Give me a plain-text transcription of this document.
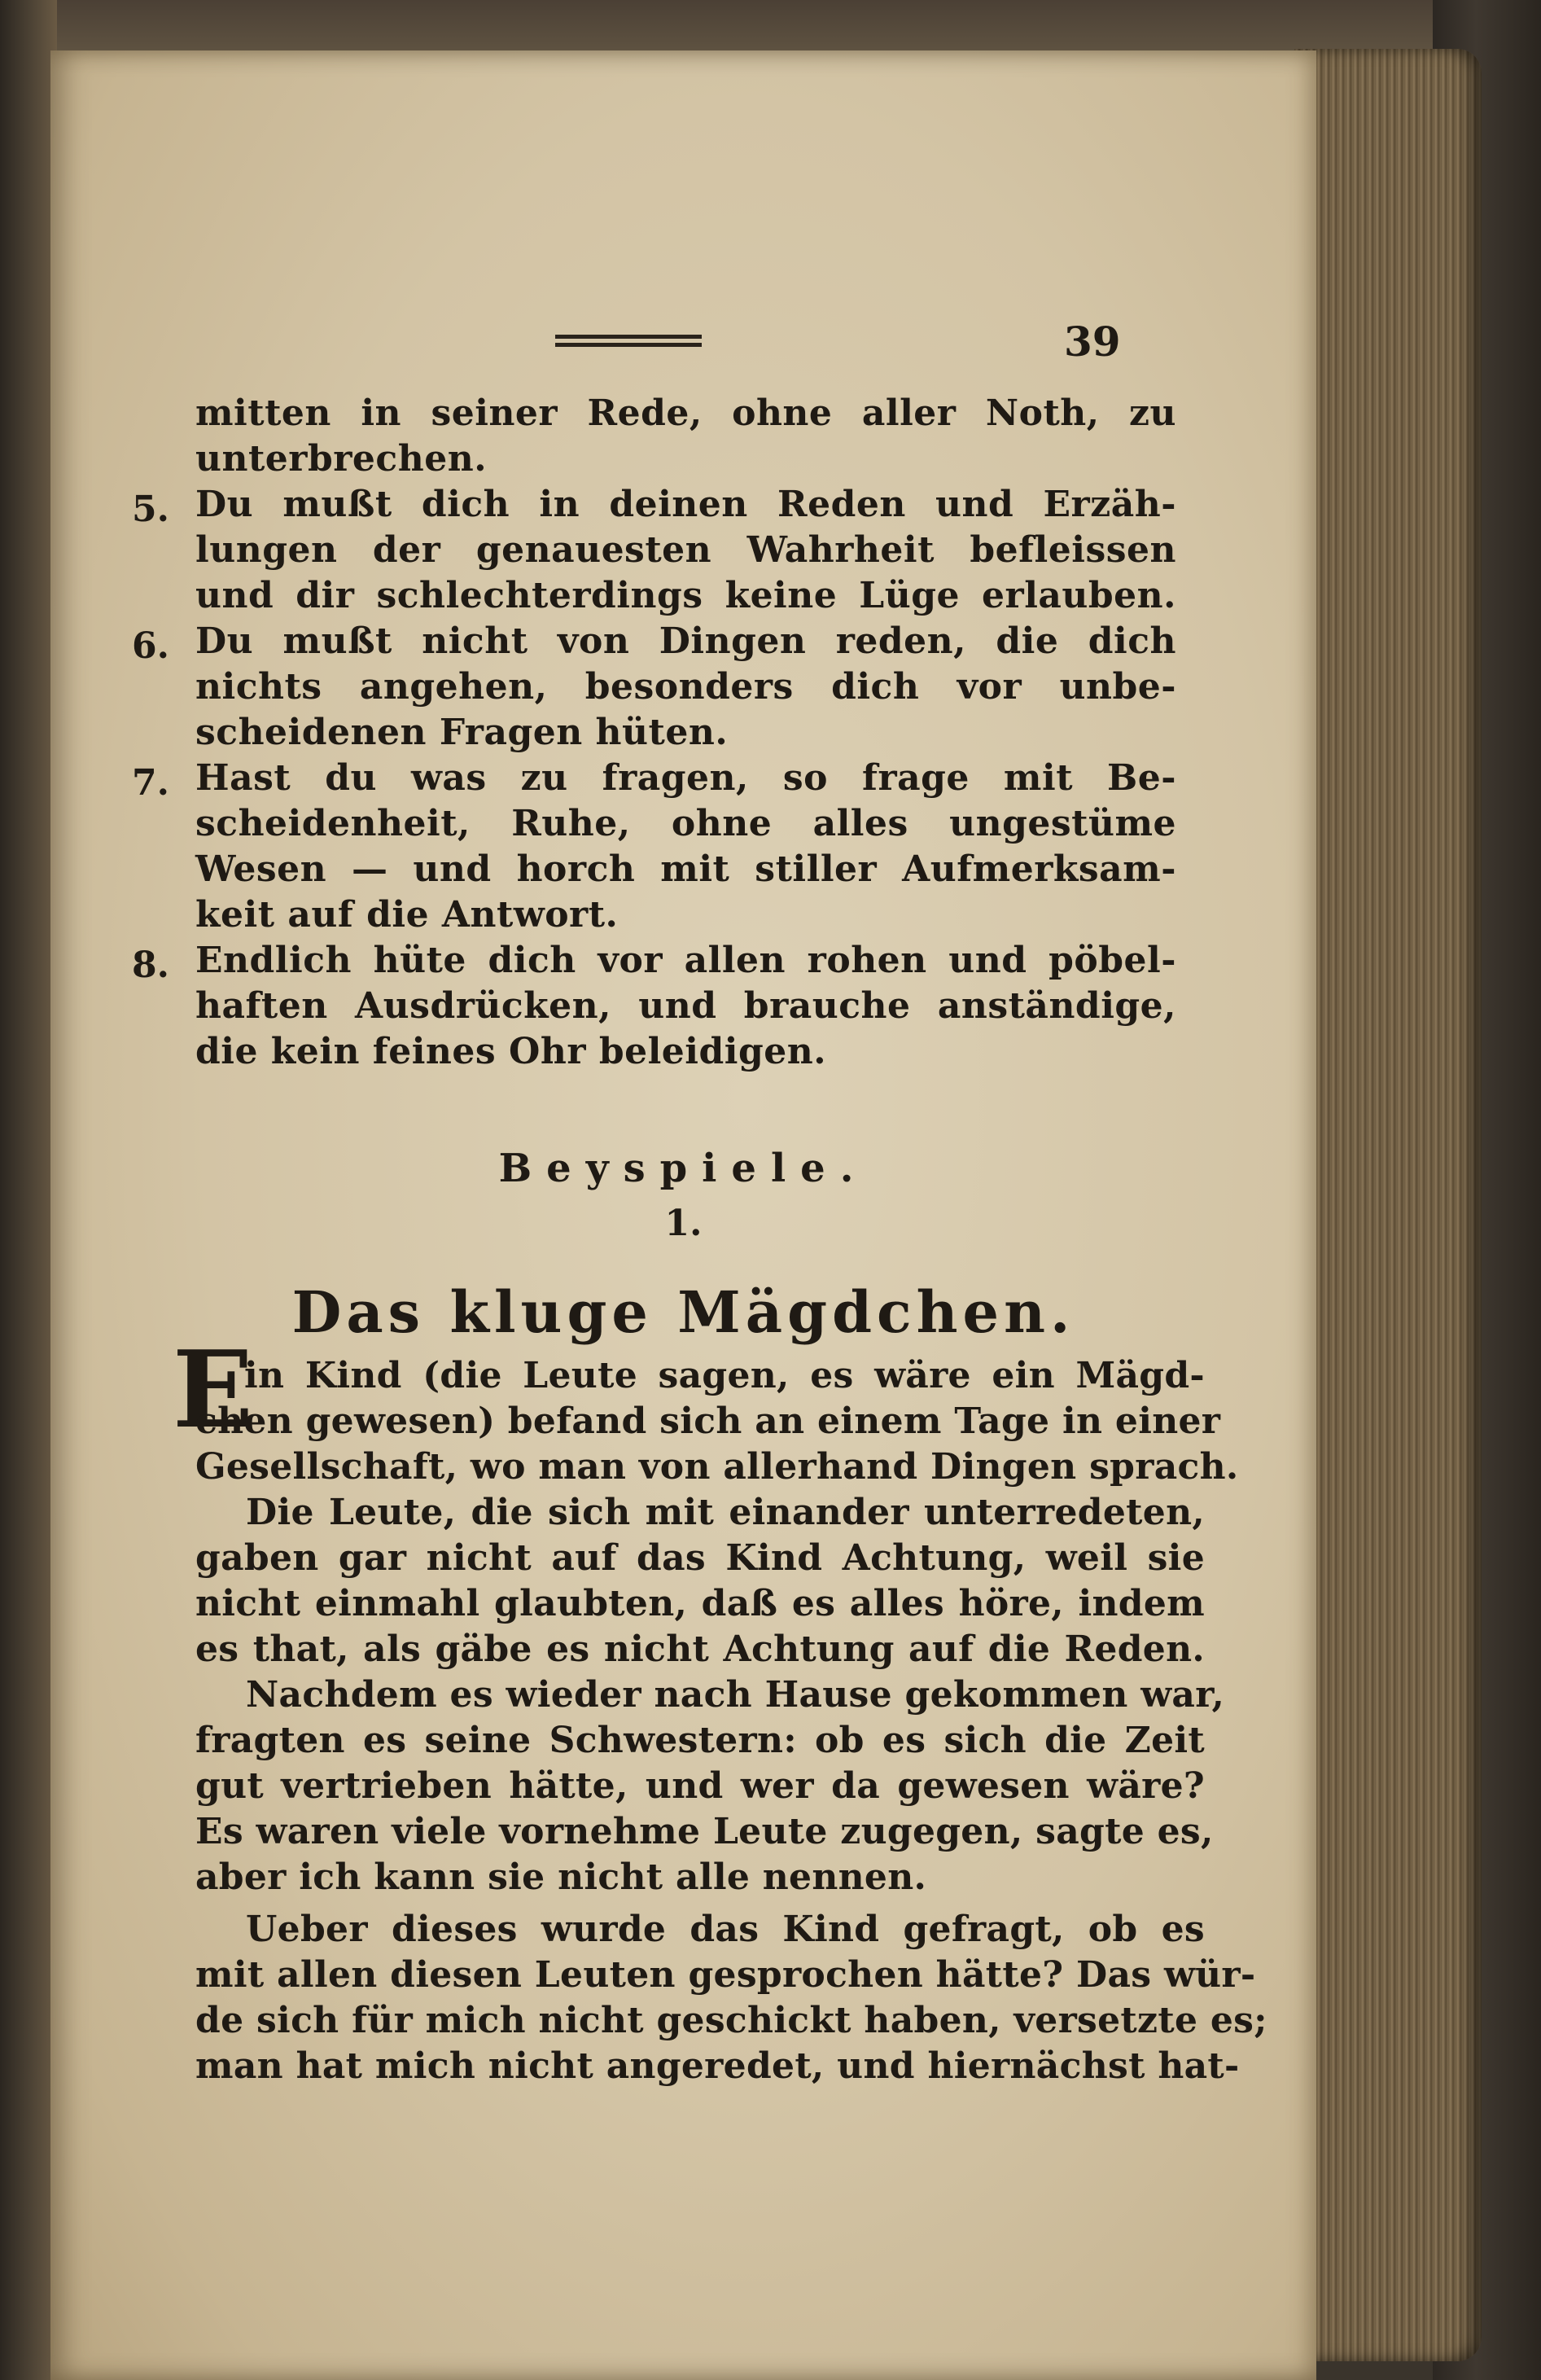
39
mitten in seiner Rede, ohne aller Noth, zu
unterbrechen.
5. Du mußt dich in deinen Reden und Erzäh-
lungen der genauesten Wahrheit befleissen
und dir schlechterdings keine Lüge erlauben.
6. Du mußt nicht von Dingen reden, die dich
nichts angehen, besonders dich vor unbe-
scheidenen Fragen hüten.
7. Hast du was zu fragen, so frage mit Be-
scheidenheit, Ruhe, ohne alles ungestüme
Wesen — und horch mit stiller Aufmerksam-
keit auf die Antwort.
8. Endlich hüte dich vor allen rohen und pöbel-
haften Ausdrücken, und brauche anständige,
die kein feines Ohr beleidigen.
Beyspiele.
1.
Das kluge Mägdchen.
E
in Kind (die Leute sagen, es wäre ein Mägd-
chen gewesen) befand sich an einem Tage in einer
Gesellschaft, wo man von allerhand Dingen sprach.
Die Leute, die sich mit einander unterredeten,
gaben gar nicht auf das Kind Achtung, weil sie
nicht einmahl glaubten, daß es alles höre, indem
es that, als gäbe es nicht Achtung auf die Reden.
Nachdem es wieder nach Hause gekommen war,
fragten es seine Schwestern: ob es sich die Zeit
gut vertrieben hätte, und wer da gewesen wäre?
Es waren viele vornehme Leute zugegen, sagte es,
aber ich kann sie nicht alle nennen.
Ueber dieses wurde das Kind gefragt, ob es
mit allen diesen Leuten gesprochen hätte? Das wür-
de sich für mich nicht geschickt haben, versetzte es;
man hat mich nicht angeredet, und hiernächst hat-
